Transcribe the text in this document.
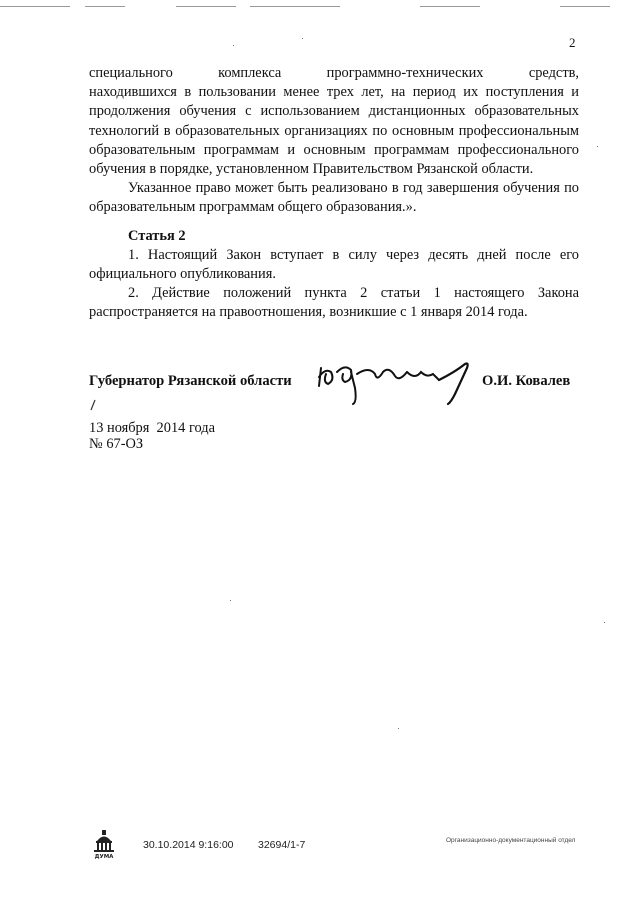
2

специального комплекса программно-технических средств,

находившихся в пользовании менее трех лет, на период их поступления и продолжения обучения с использованием дистанционных образовательных технологий в образовательных организациях по основным профессиональным образовательным программам и основным программам профессионального обучения в порядке, установленном Правительством Рязанской области.

Указанное право может быть реализовано в год завершения обучения по образовательным программам общего образования.».

Статья 2

1. Настоящий Закон вступает в силу через десять дней после его официального опубликования.

2. Действие положений пункта 2 статьи 1 настоящего Закона распространяется на правоотношения, возникшие с 1 января 2014 года.

Губернатор Рязанской области	О.И. Ковалев
13 ноября  2014 года
№ 67-ОЗ
ДУМА
30.10.2014 9:16:00 32694/1-7	Организационно-документационный отдел
